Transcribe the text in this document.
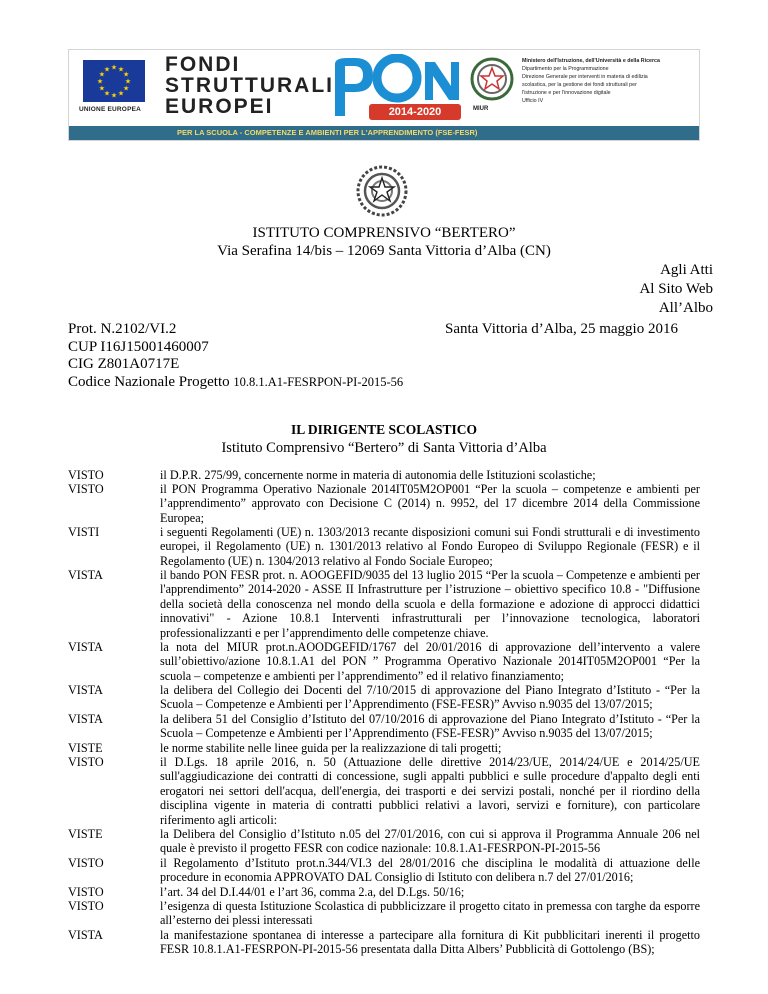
★
★
★
★
★
★
★
★
★ ★ ★
★
UNIONE EUROPEA
FONDI
STRUTTURALI
EUROPEI	2014-2020	MIUR
Ministero dell'Istruzione, dell'Università e della Ricerca
Dipartimento per la Programmazione
Direzione Generale per interventi in materia di edilizia
scolastica, per la gestione dei fondi strutturali per
l'istruzione e per l'innovazione digitale
Ufficio IV
PER LA SCUOLA - COMPETENZE E AMBIENTI PER L'APPRENDIMENTO (FSE-FESR)
ISTITUTO COMPRENSIVO “BERTERO”
Via Serafina 14/bis – 12069 Santa Vittoria d’Alba (CN)
Agli Atti
Al Sito Web
All’Albo
Prot. N.2102/VI.2
CUP I16J15001460007
CIG Z801A0717E
Codice Nazionale Progetto 10.8.1.A1-FESRPON-PI-2015-56
Santa Vittoria d’Alba, 25 maggio 2016
IL DIRIGENTE SCOLASTICO
Istituto Comprensivo “Bertero” di Santa Vittoria d’Alba
VISTO	il D.P.R. 275/99, concernente norme in materia di autonomia delle Istituzioni scolastiche;
VISTO	il PON Programma Operativo Nazionale 2014IT05M2OP001 “Per la scuola – competenze e ambienti per l’apprendimento” approvato con Decisione C (2014) n. 9952, del 17 dicembre 2014 della Commissione Europea;
VISTI	i seguenti Regolamenti (UE) n. 1303/2013 recante disposizioni comuni sui Fondi strutturali e di investimento europei, il Regolamento (UE) n. 1301/2013 relativo al Fondo Europeo di Sviluppo Regionale (FESR) e il Regolamento (UE) n. 1304/2013 relativo al Fondo Sociale Europeo;
VISTA	il bando PON FESR prot. n. AOOGEFID/9035 del 13 luglio 2015 “Per la scuola – Competenze e ambienti per l'apprendimento” 2014-2020 - ASSE II Infrastrutture per l’istruzione – obiettivo specifico 10.8 - "Diffusione della società della conoscenza nel mondo della scuola e della formazione e adozione di approcci didattici innovativi" - Azione 10.8.1 Interventi infrastrutturali per l’innovazione tecnologica, laboratori professionalizzanti e per l’apprendimento delle competenze chiave.
VISTA	la nota del MIUR prot.n.AOODGEFID/1767 del 20/01/2016 di approvazione dell’intervento a valere sull’obiettivo/azione 10.8.1.A1 del PON ” Programma Operativo Nazionale 2014IT05M2OP001 “Per la scuola – competenze e ambienti per l’apprendimento” ed il relativo finanziamento;
VISTA	la delibera del Collegio dei Docenti del 7/10/2015 di approvazione del Piano Integrato d’Istituto - “Per la Scuola – Competenze e Ambienti per l’Apprendimento (FSE-FESR)” Avviso n.9035 del 13/07/2015;
VISTA	la delibera 51 del Consiglio d’Istituto del 07/10/2016 di approvazione del Piano Integrato d’Istituto - “Per la Scuola – Competenze e Ambienti per l’Apprendimento (FSE-FESR)” Avviso n.9035 del 13/07/2015;
VISTE	le norme stabilite nelle linee guida per la realizzazione di tali progetti;
VISTO	il D.Lgs. 18 aprile 2016, n. 50 (Attuazione delle direttive 2014/23/UE, 2014/24/UE e 2014/25/UE sull'aggiudicazione dei contratti di concessione, sugli appalti pubblici e sulle procedure d'appalto degli enti erogatori nei settori dell'acqua, dell'energia, dei trasporti e dei servizi postali, nonché per il riordino della disciplina vigente in materia di contratti pubblici relativi a lavori, servizi e forniture), con particolare riferimento agli articoli:
VISTE	la Delibera del Consiglio d’Istituto n.05 del 27/01/2016, con cui si approva il Programma Annuale 206 nel quale è previsto il progetto FESR con codice nazionale: 10.8.1.A1-FESRPON-PI-2015-56
VISTO	il Regolamento d’Istituto prot.n.344/VI.3 del 28/01/2016 che disciplina le modalità di attuazione delle procedure in economia APPROVATO DAL Consiglio di Istituto con delibera n.7 del 27/01/2016;
VISTO	l’art. 34 del D.I.44/01 e l’art 36, comma 2.a, del D.Lgs. 50/16;
VISTO	l’esigenza di questa Istituzione Scolastica di pubblicizzare il progetto citato in premessa con targhe da esporre all’esterno dei plessi interessati
VISTA	la manifestazione spontanea di interesse a partecipare alla fornitura di Kit pubblicitari inerenti il progetto FESR 10.8.1.A1-FESRPON-PI-2015-56 presentata dalla Ditta Albers’ Pubblicità di Gottolengo (BS);
